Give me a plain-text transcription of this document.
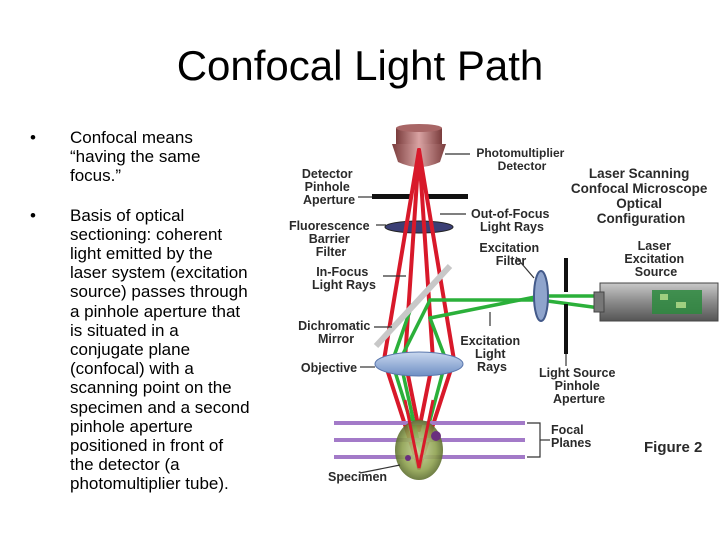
Confocal Light Path
• Confocal means
“having the same
focus.”
• Basis of optical
sectioning: coherent
light emitted by the
laser system (excitation
source) passes through
a pinhole aperture that
is situated in a
conjugate plane
(confocal) with a
scanning point on the
specimen and a second
pinhole aperture
positioned in front of
the detector (a
photomultiplier tube).
Detector Pinhole Aperture
Photomultiplier Detector	Laser Scanning Confocal Microscope Optical Configuration
Fluorescence Barrier Filter
Out-of-Focus Light Rays
Excitation Filter
Laser Excitation Source
In-Focus Light Rays
Dichromatic Mirror	Excitation Light Rays
Objective	Light Source Pinhole Aperture
Focal Planes	Figure 2
Specimen
